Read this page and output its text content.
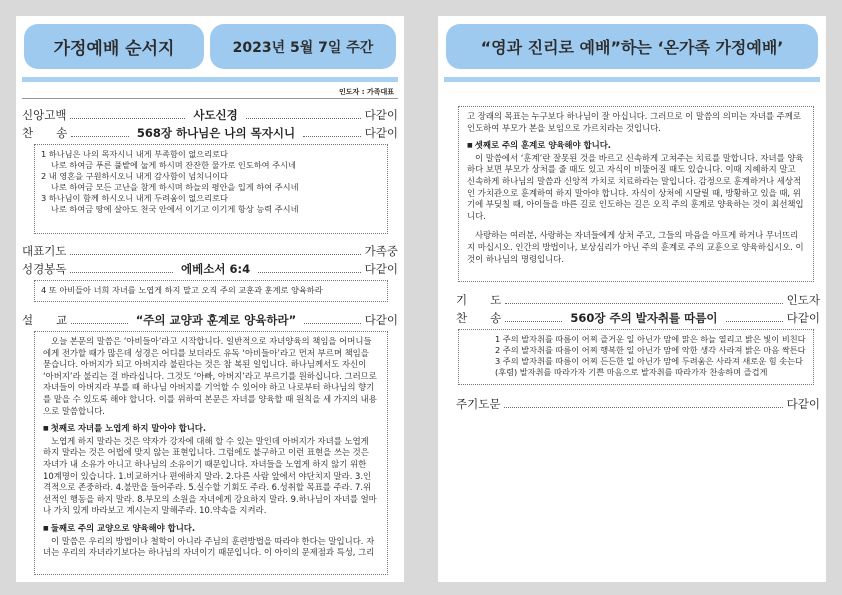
가정예배 순서지	2023년 5월 7일 주간
인도자 : 가족대표
신앙고백	사도신경	다같이
찬　　송	568장 하나님은 나의 목자시니	다같이

1 하나님은 나의 목자시니 내게 부족함이 없으리로다

나로 하여금 푸른 풀밭에 눕게 하시며 잔잔한 물가로 인도하여 주시네

2 내 영혼을 구원하시오니 내게 감사함이 넘치니이다

나로 하여금 모든 고난을 참게 하시며 하늘의 평안을 입게 하여 주시네

3 하나님이 함께 하시오니 내게 두려움이 없으리로다

나로 하여금 땅에 살아도 천국 안에서 이기고 이기게 항상 능력 주시네

대표기도	가족중
성경봉독	에베소서 6:4	다같이

4 또 아비들아 너희 자녀를 노엽게 하지 말고 오직 주의 교훈과 훈계로 양육하라

설　　교	“주의 교양과 훈계로 양육하라”	다같이

오늘 본문의 말씀은 ‘아비들아’라고 시작합니다. 일반적으로 자녀양육의 책임을 어머니들에게 전가할 때가 많은데 성경은 어디를 보더라도 유독 ‘아비들아’라고 먼저 부르며 책임을 묻습니다. 아버지가 되고 아버지라 불린다는 것은 참 복된 일입니다. 하나님께서도 자신이 ‘아버지’라 불리는 걸 바라십니다. 그것도 ‘아빠, 아버지’라고 부르기를 원하십니다. 그러므로 자녀들이 아버지라 부를 때 하나님 아버지를 기억할 수 있어야 하고 나로부터 하나님의 향기를 맡을 수 있도록 해야 합니다. 이를 위하여 본문은 자녀를 양육할 때 원칙을 세 가지의 내용으로 말씀합니다.

■ 첫째로 자녀를 노엽게 하지 말아야 합니다.

노엽게 하지 말라는 것은 약자가 강자에 대해 할 수 있는 말인데 아버지가 자녀를 노엽게 하지 말라는 것은 어법에 맞지 않는 표현입니다. 그럼에도 불구하고 이런 표현을 쓰는 것은 자녀가 내 소유가 아니고 하나님의 소유이기 때문입니다. 자녀들을 노엽게 하지 않기 위한 10계명이 있습니다. 1.비교하거나 편애하지 말라. 2.다른 사람 앞에서 야단치지 말라. 3.인격적으로 존중하라. 4.불만을 들어주라. 5.실수할 기회도 주라. 6.성취할 목표를 주라. 7.위선적인 행동을 하지 말라. 8.부모의 소원을 자녀에게 강요하지 말라. 9.하나님이 자녀를 얼마나 가치 있게 바라보고 계시는지 말해주라. 10.약속을 지켜라.

■ 둘째로 주의 교양으로 양육해야 합니다.

이 말씀은 우리의 방법이나 철학이 아니라 주님의 훈련방법을 따라야 한다는 말입니다. 자녀는 우리의 자녀라기보다는 하나님의 자녀이기 때문입니다. 이 아이의 문제점과 특성, 그리

“영과 진리로 예배”하는 ‘온가족 가정예배’

고 장래의 목표는 누구보다 하나님이 잘 아십니다. 그러므로 이 말씀의 의미는 자녀를 주께로 인도하여 부모가 본을 보임으로 가르치라는 것입니다.

■ 셋째로 주의 훈계로 양육해야 합니다.

이 말씀에서 ‘훈계’란 잘못된 것을 바르고 신속하게 고쳐주는 치료를 말합니다. 자녀를 양육하다 보면 부모가 상처를 줄 때도 있고 자식이 비뚤어질 때도 있습니다. 이때 지혜하지 말고 신속하게 하나님의 말씀과 신앙적 가치로 치료하라는 말입니다. 감정으로 훈계하거나 세상적인 가치관으로 훈계하여 하지 말아야 합니다. 자식이 상처에 시달릴 때, 방황하고 있을 때, 위기에 부딪칠 때, 아이들을 바른 길로 인도하는 길은 오직 주의 훈계로 양육하는 것이 최선책입니다.

사랑하는 여러분, 사랑하는 자녀들에게 상처 주고, 그들의 마음을 아프게 하거나 무너뜨리지 마십시오. 인간의 방법이나, 보상심리가 아닌 주의 훈계로 주의 교훈으로 양육하십시오. 이것이 하나님의 명령입니다.

기　　도	인도자
찬　　송	560장 주의 발자취를 따름이	다같이

1 주의 발자취를 따름이 어찌 즐거운 일 아닌가 맘에 맑은 하늘 열리고 밝은 빛이 비친다

2 주의 발자취를 따름이 어찌 행복한 일 아닌가 맘에 악한 생각 사라져 밝은 마음 싹튼다

3 주의 발자취를 따름이 어찌 든든한 일 아닌가 맘에 두려움은 사라져 새로운 힘 솟는다

(후렴) 발자취를 따라가자 기쁜 마음으로 발자취를 따라가자 찬송하며 즐겁게

주기도문	다같이
